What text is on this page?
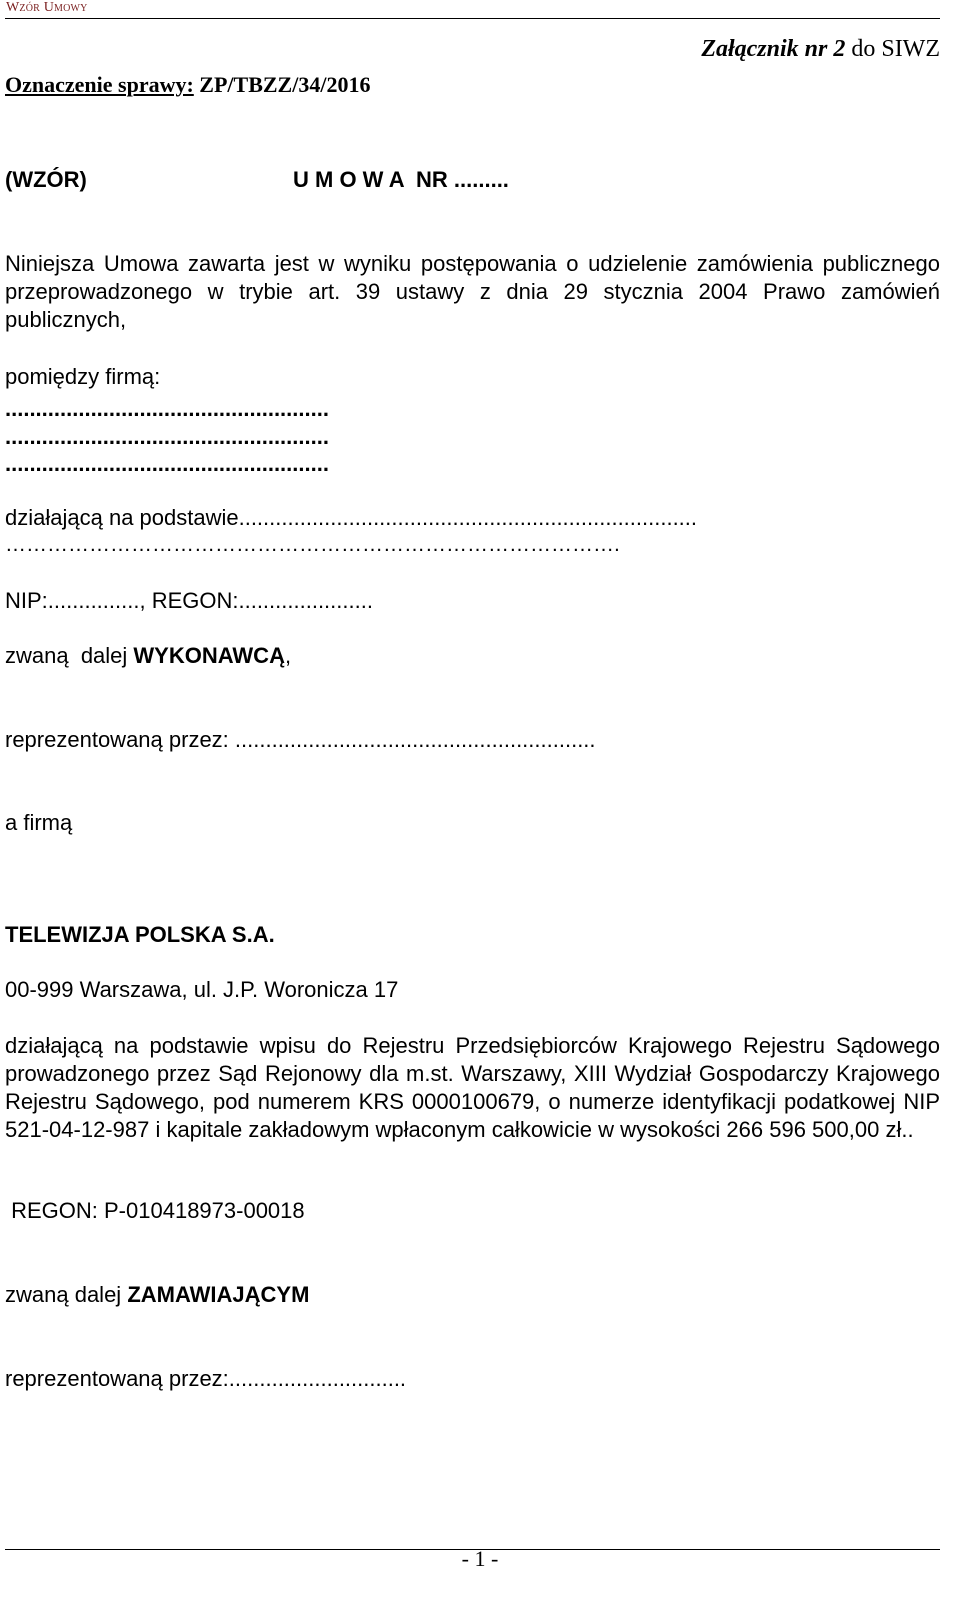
Wzór Umowy
Załącznik nr 2 do SIWZ
Oznaczenie sprawy: ZP/TBZZ/34/2016
(WZÓR)	U M O W A  NR .........
Niniejsza Umowa zawarta jest w wyniku postępowania o udzielenie zamówienia publicznego przeprowadzonego w trybie art. 39 ustawy z dnia 29 stycznia 2004 Prawo zamówień publicznych,
pomiędzy firmą:
.....................................................
.....................................................
.....................................................
działającą na podstawie...........................................................................
…………………………………………………………………………….
NIP:..............., REGON:......................
zwaną  dalej WYKONAWCĄ,
reprezentowaną przez: ...........................................................
a firmą
TELEWIZJA POLSKA S.A.
00-999 Warszawa, ul. J.P. Woronicza 17
działającą na podstawie wpisu do Rejestru Przedsiębiorców Krajowego Rejestru Sądowego prowadzonego przez Sąd Rejonowy dla m.st. Warszawy, XIII Wydział Gospodarczy Krajowego Rejestru Sądowego, pod numerem KRS 0000100679, o numerze identyfikacji podatkowej NIP 521-04-12-987 i kapitale zakładowym wpłaconym całkowicie w wysokości 266 596 500,00 zł..
REGON: P-010418973-00018
zwaną dalej ZAMAWIAJĄCYM
reprezentowaną przez:.............................
- 1 -
